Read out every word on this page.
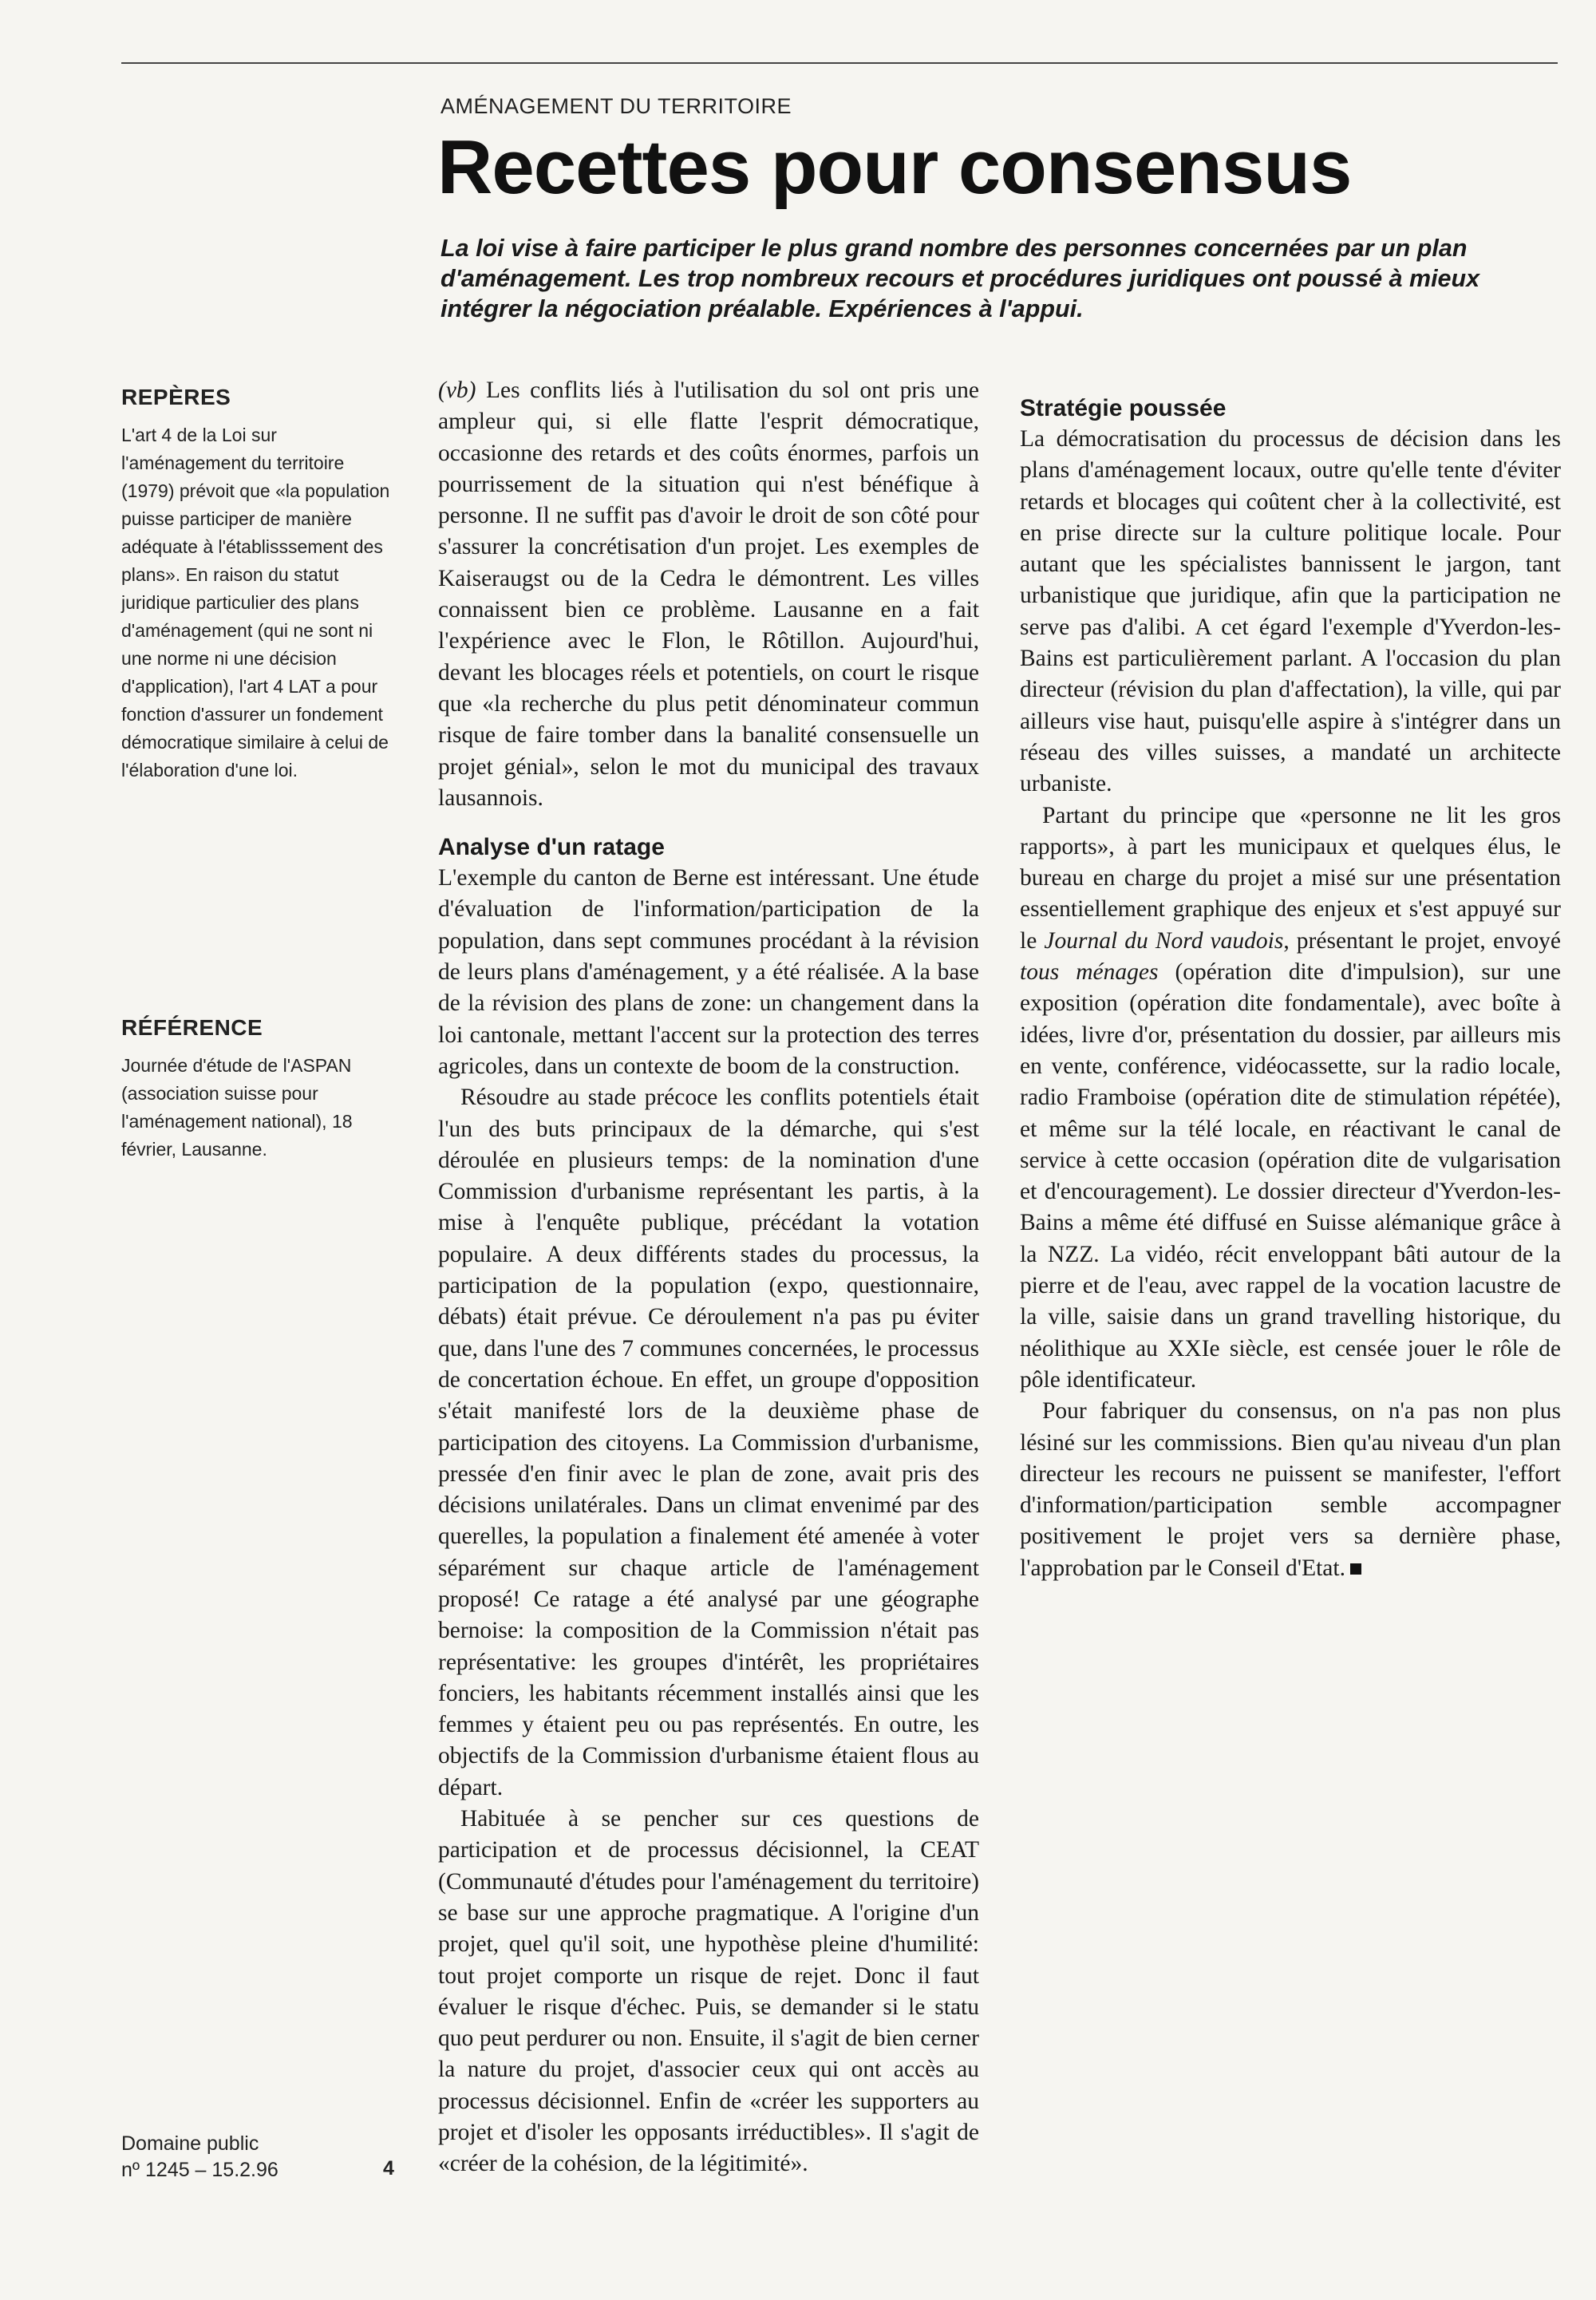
AMÉNAGEMENT DU TERRITOIRE
Recettes pour consensus

La loi vise à faire participer le plus grand nombre des personnes concernées par un plan d'aménagement. Les trop nombreux recours et procédures juridiques ont poussé à mieux intégrer la négociation préalable. Expériences à l'appui.

REPÈRES

L'art 4 de la Loi sur l'aménagement du territoire (1979) prévoit que «la population puisse participer de manière adéquate à l'établisssement des plans». En raison du statut juridique particulier des plans d'aménagement (qui ne sont ni une norme ni une décision d'application), l'art 4 LAT a pour fonction d'assurer un fondement démocratique similaire à celui de l'élaboration d'une loi.

RÉFÉRENCE

Journée d'étude de l'ASPAN (association suisse pour l'aménagement national), 18 février, Lausanne.

Domaine public
nº 1245 – 15.2.96	4

(vb) Les conflits liés à l'utilisation du sol ont pris une ampleur qui, si elle flatte l'esprit démocratique, occasionne des retards et des coûts énormes, parfois un pourrissement de la situation qui n'est bénéfique à personne. Il ne suffit pas d'avoir le droit de son côté pour s'assurer la concrétisation d'un projet. Les exemples de Kaiseraugst ou de la Cedra le démontrent. Les villes connaissent bien ce problème. Lausanne en a fait l'expérience avec le Flon, le Rôtillon. Aujourd'hui, devant les blocages réels et potentiels, on court le risque que «la recherche du plus petit dénominateur commun risque de faire tomber dans la banalité consensuelle un projet génial», selon le mot du municipal des travaux lausannois.

Analyse d'un ratage

L'exemple du canton de Berne est intéressant. Une étude d'évaluation de l'information/participation de la population, dans sept communes procédant à la révision de leurs plans d'aménagement, y a été réalisée. A la base de la révision des plans de zone: un changement dans la loi cantonale, mettant l'accent sur la protection des terres agricoles, dans un contexte de boom de la construction.

Résoudre au stade précoce les conflits potentiels était l'un des buts principaux de la démarche, qui s'est déroulée en plusieurs temps: de la nomination d'une Commission d'urbanisme représentant les partis, à la mise à l'enquête publique, précédant la votation populaire. A deux différents stades du processus, la participation de la population (expo, questionnaire, débats) était prévue. Ce déroulement n'a pas pu éviter que, dans l'une des 7 communes concernées, le processus de concertation échoue. En effet, un groupe d'opposition s'était manifesté lors de la deuxième phase de participation des citoyens. La Commission d'urbanisme, pressée d'en finir avec le plan de zone, avait pris des décisions unilatérales. Dans un climat envenimé par des querelles, la population a finalement été amenée à voter séparément sur chaque article de l'aménagement proposé! Ce ratage a été analysé par une géographe bernoise: la composition de la Commission n'était pas représentative: les groupes d'intérêt, les propriétaires fonciers, les habitants récemment installés ainsi que les femmes y étaient peu ou pas représentés. En outre, les objectifs de la Commission d'urbanisme étaient flous au départ.

Habituée à se pencher sur ces questions de participation et de processus décisionnel, la CEAT (Communauté d'études pour l'aménagement du territoire) se base sur une approche pragmatique. A l'origine d'un projet, quel qu'il soit, une hypothèse pleine d'humilité: tout projet comporte un risque de rejet. Donc il faut évaluer le risque d'échec. Puis, se demander si le statu quo peut perdurer ou non. Ensuite, il s'agit de bien cerner la nature du projet, d'associer ceux qui ont accès au processus décisionnel. Enfin de «créer les supporters au projet et d'isoler les opposants irréductibles». Il s'agit de «créer de la cohésion, de la légitimité».

Stratégie poussée

La démocratisation du processus de décision dans les plans d'aménagement locaux, outre qu'elle tente d'éviter retards et blocages qui coûtent cher à la collectivité, est en prise directe sur la culture politique locale. Pour autant que les spécialistes bannissent le jargon, tant urbanistique que juridique, afin que la participation ne serve pas d'alibi. A cet égard l'exemple d'Yverdon-les-Bains est particulièrement parlant. A l'occasion du plan directeur (révision du plan d'affectation), la ville, qui par ailleurs vise haut, puisqu'elle aspire à s'intégrer dans un réseau des villes suisses, a mandaté un architecte urbaniste.

Partant du principe que «personne ne lit les gros rapports», à part les municipaux et quelques élus, le bureau en charge du projet a misé sur une présentation essentiellement graphique des enjeux et s'est appuyé sur le Journal du Nord vaudois, présentant le projet, envoyé tous ménages (opération dite d'impulsion), sur une exposition (opération dite fondamentale), avec boîte à idées, livre d'or, présentation du dossier, par ailleurs mis en vente, conférence, vidéocassette, sur la radio locale, radio Framboise (opération dite de stimulation répétée), et même sur la télé locale, en réactivant le canal de service à cette occasion (opération dite de vulgarisation et d'encouragement). Le dossier directeur d'Yverdon-les-Bains a même été diffusé en Suisse alémanique grâce à la NZZ. La vidéo, récit enveloppant bâti autour de la pierre et de l'eau, avec rappel de la vocation lacustre de la ville, saisie dans un grand travelling historique, du néolithique au XXIe siècle, est censée jouer le rôle de pôle identificateur.

Pour fabriquer du consensus, on n'a pas non plus lésiné sur les commissions. Bien qu'au niveau d'un plan directeur les recours ne puissent se manifester, l'effort d'information/participation semble accompagner positivement le projet vers sa dernière phase, l'approbation par le Conseil d'Etat.
